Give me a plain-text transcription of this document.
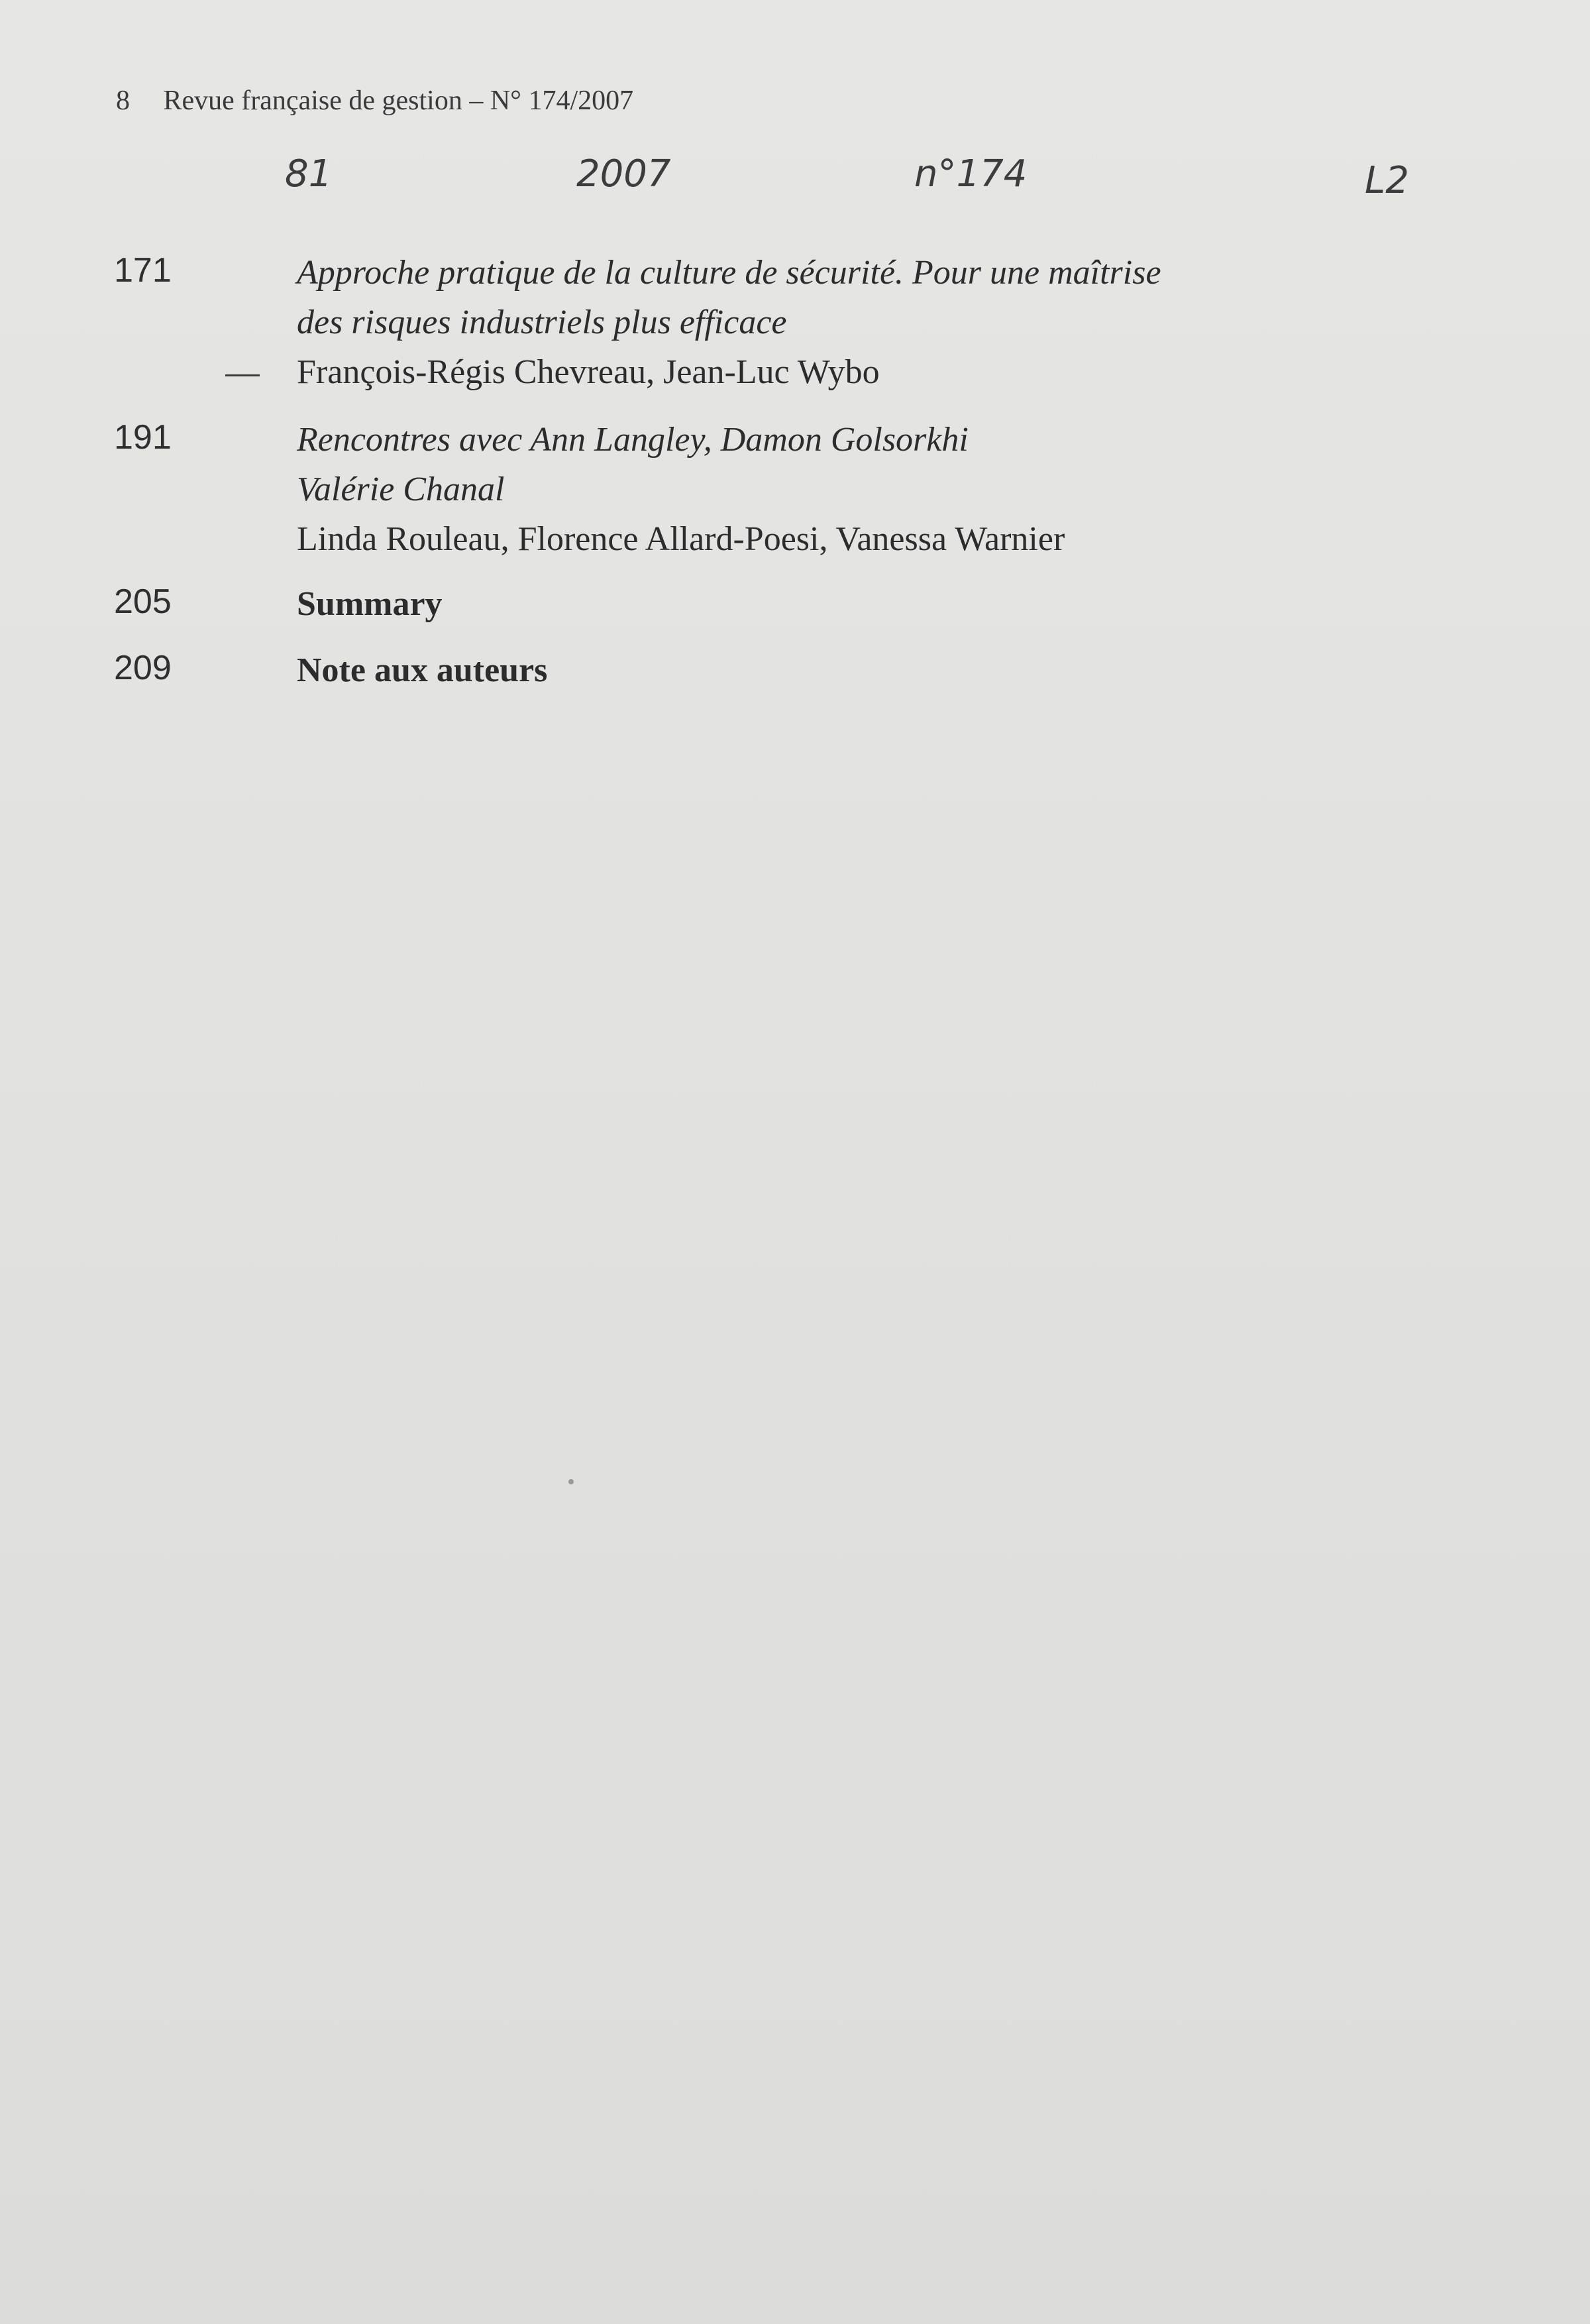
8 Revue française de gestion – N° 174/2007
81	2007	n°174	L2
171	Approche pratique de la culture de sécurité. Pour une maîtrise
des risques industriels plus efficace
François-Régis Chevreau, Jean-Luc Wybo
191	Rencontres avec Ann Langley, Damon Golsorkhi
Valérie Chanal
Linda Rouleau, Florence Allard-Poesi, Vanessa Warnier
205	Summary
209	Note aux auteurs
